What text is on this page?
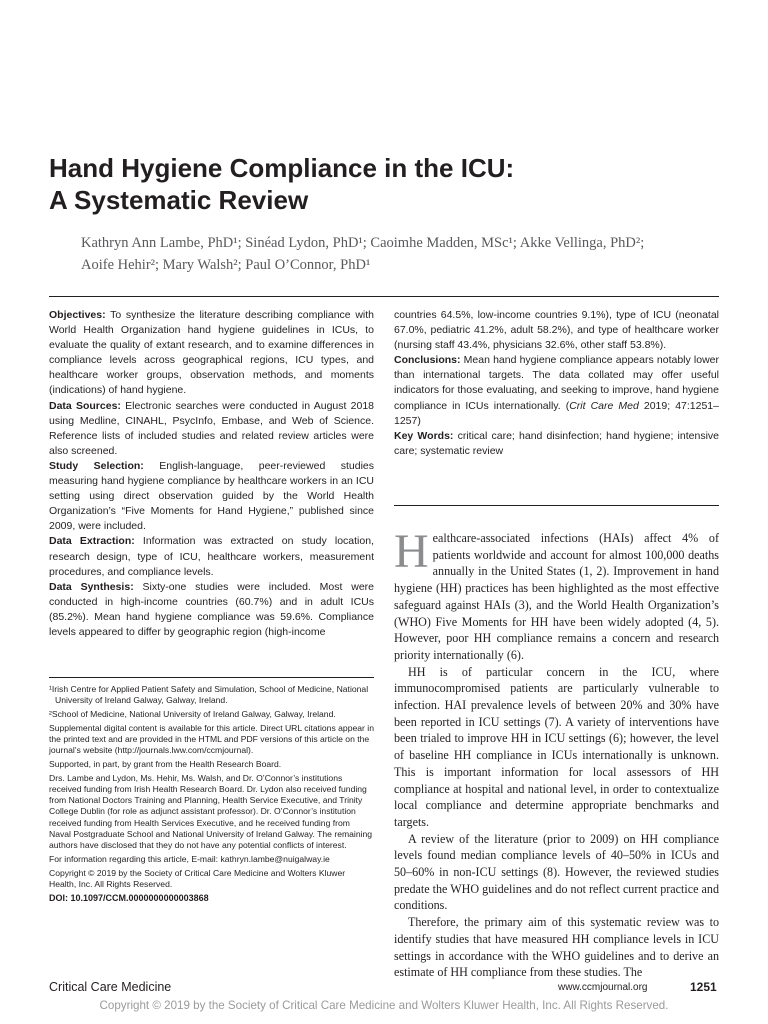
Hand Hygiene Compliance in the ICU:
A Systematic Review
Kathryn Ann Lambe, PhD¹; Sinéad Lydon, PhD¹; Caoimhe Madden, MSc¹; Akke Vellinga, PhD²;
Aoife Hehir²; Mary Walsh²; Paul O’Connor, PhD¹

Objectives: To synthesize the literature describing compliance with World Health Organization hand hygiene guidelines in ICUs, to evaluate the quality of extant research, and to examine differences in compliance levels across geographical regions, ICU types, and healthcare worker groups, observation methods, and moments (indications) of hand hygiene.

Data Sources: Electronic searches were conducted in August 2018 using Medline, CINAHL, PsycInfo, Embase, and Web of Science. Reference lists of included studies and related review articles were also screened.

Study Selection: English-language, peer-reviewed studies measuring hand hygiene compliance by healthcare workers in an ICU setting using direct observation guided by the World Health Organization’s “Five Moments for Hand Hygiene,” published since 2009, were included.

Data Extraction: Information was extracted on study location, research design, type of ICU, healthcare workers, measurement procedures, and compliance levels.

Data Synthesis: Sixty-one studies were included. Most were conducted in high-income countries (60.7%) and in adult ICUs (85.2%). Mean hand hygiene compliance was 59.6%. Compliance levels appeared to differ by geographic region (high-income

countries 64.5%, low-income countries 9.1%), type of ICU (neonatal 67.0%, pediatric 41.2%, adult 58.2%), and type of healthcare worker (nursing staff 43.4%, physicians 32.6%, other staff 53.8%).

Conclusions: Mean hand hygiene compliance appears notably lower than international targets. The data collated may offer useful indicators for those evaluating, and seeking to improve, hand hygiene compliance in ICUs internationally. (Crit Care Med 2019; 47:1251–1257)

Key Words: critical care; hand disinfection; hand hygiene; intensive care; systematic review

¹Irish Centre for Applied Patient Safety and Simulation, School of Medicine, National University of Ireland Galway, Galway, Ireland.

²School of Medicine, National University of Ireland Galway, Galway, Ireland.

Supplemental digital content is available for this article. Direct URL citations appear in the printed text and are provided in the HTML and PDF versions of this article on the journal’s website (http://journals.lww.com/ccmjournal).

Supported, in part, by grant from the Health Research Board.

Drs. Lambe and Lydon, Ms. Hehir, Ms. Walsh, and Dr. O’Connor’s institutions received funding from Irish Health Research Board. Dr. Lydon also received funding from National Doctors Training and Planning, Health Service Executive, and Trinity College Dublin (for role as adjunct assistant professor). Dr. O’Connor’s institution received funding from Health Services Executive, and he received funding from Naval Postgraduate School and National University of Ireland Galway. The remaining authors have disclosed that they do not have any potential conflicts of interest.

For information regarding this article, E-mail: kathryn.lambe@nuigalway.ie

Copyright © 2019 by the Society of Critical Care Medicine and Wolters Kluwer Health, Inc. All Rights Reserved.

DOI: 10.1097/CCM.0000000000003868

Healthcare-associated infections (HAIs) affect 4% of patients worldwide and account for almost 100,000 deaths annually in the United States (1, 2). Improvement in hand hygiene (HH) practices has been highlighted as the most effective safeguard against HAIs (3), and the World Health Organization’s (WHO) Five Moments for HH have been widely adopted (4, 5). However, poor HH compliance remains a concern and research priority internationally (6).

HH is of particular concern in the ICU, where immunocompromised patients are particularly vulnerable to infection. HAI prevalence levels of between 20% and 30% have been reported in ICU settings (7). A variety of interventions have been trialed to improve HH in ICU settings (6); however, the level of baseline HH compliance in ICUs internationally is unknown. This is important information for local assessors of HH compliance at hospital and national level, in order to contextualize local compliance and determine appropriate benchmarks and targets.

A review of the literature (prior to 2009) on HH compliance levels found median compliance levels of 40–50% in ICUs and 50–60% in non-ICU settings (8). However, the reviewed studies predate the WHO guidelines and do not reflect current practice and conditions.

Therefore, the primary aim of this systematic review was to identify studies that have measured HH compliance levels in ICU settings in accordance with the WHO guidelines and to derive an estimate of HH compliance from these studies. The

Critical Care Medicine	www.ccmjournal.org	1251
Copyright © 2019 by the Society of Critical Care Medicine and Wolters Kluwer Health, Inc. All Rights Reserved.
